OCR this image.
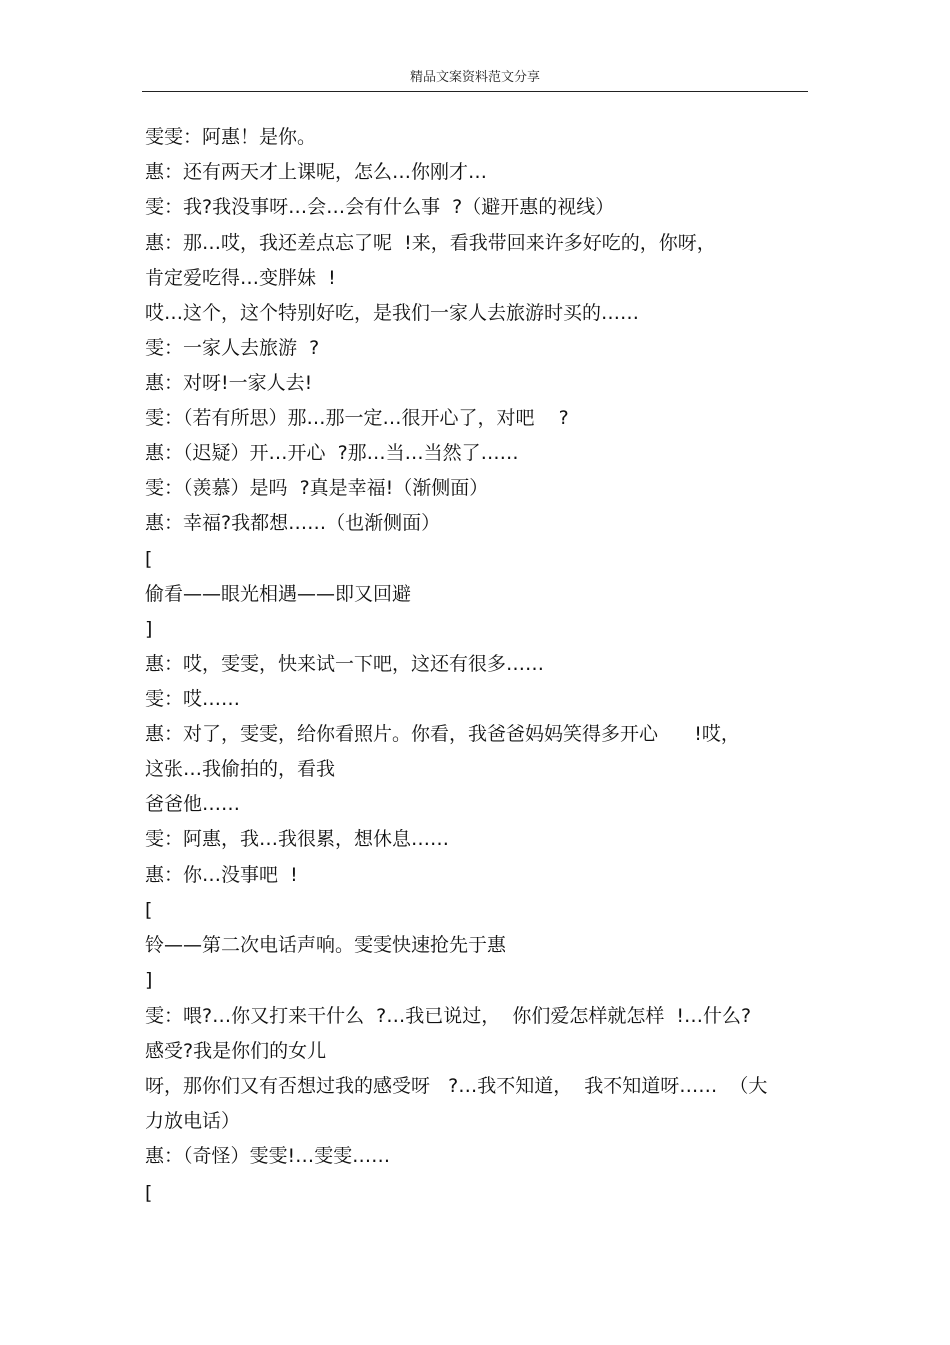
精品文案资料范文分享
雯雯：阿惠！是你。
惠：还有两天才上课呢，怎么…你刚才…
雯：我?我没事呀…会…会有什么事  ?（避开惠的视线）
惠：那…哎，我还差点忘了呢  !来，看我带回来许多好吃的，你呀，
肯定爱吃得…变胖妹  !
哎…这个，这个特别好吃，是我们一家人去旅游时买的……
雯：一家人去旅游  ?
惠：对呀!一家人去!
雯：（若有所思）那…那一定…很开心了，对吧    ?
惠：（迟疑）开…开心  ?那…当…当然了……
雯：（羡慕）是吗  ?真是幸福!（渐侧面）
惠：幸福?我都想……（也渐侧面）
[
偷看——眼光相遇——即又回避
]
惠：哎，雯雯，快来试一下吧，这还有很多……
雯：哎……
惠：对了，雯雯，给你看照片。你看，我爸爸妈妈笑得多开心      !哎，
这张…我偷拍的，看我
爸爸他……
雯：阿惠，我…我很累，想休息……
惠：你…没事吧  !
[
铃——第二次电话声响。雯雯快速抢先于惠
]
雯：喂?…你又打来干什么  ?…我已说过，  你们爱怎样就怎样  !…什么?
感受?我是你们的女儿
呀，那你们又有否想过我的感受呀   ?…我不知道，  我不知道呀……  （大
力放电话）
惠：（奇怪）雯雯!…雯雯……
[
